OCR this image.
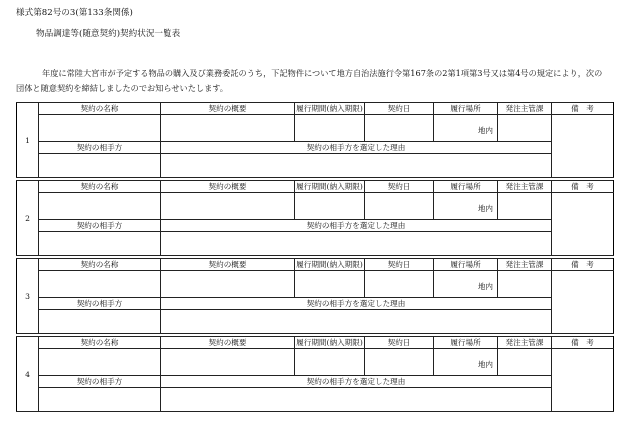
様式第82号の3(第133条関係)
物品調達等(随意契約)契約状況一覧表
年度に常陸大宮市が予定する物品の購入及び業務委託のうち，下記物件について地方自治法施行令第167条の2第1項第3号又は第4号の規定により，次の
団体と随意契約を締結しましたのでお知らせいたします。
1	契約の名称	契約の概要	履行期間(納入期限)	契約日	履行場所	発注主管課	備　考
					地内		
	契約の相手方	契約の相手方を選定した理由					

2	契約の名称	契約の概要	履行期間(納入期限)	契約日	履行場所	発注主管課	備　考
					地内		
	契約の相手方	契約の相手方を選定した理由					

3	契約の名称	契約の概要	履行期間(納入期限)	契約日	履行場所	発注主管課	備　考
					地内		
	契約の相手方	契約の相手方を選定した理由					

4	契約の名称	契約の概要	履行期間(納入期限)	契約日	履行場所	発注主管課	備　考
					地内		
	契約の相手方	契約の相手方を選定した理由					
